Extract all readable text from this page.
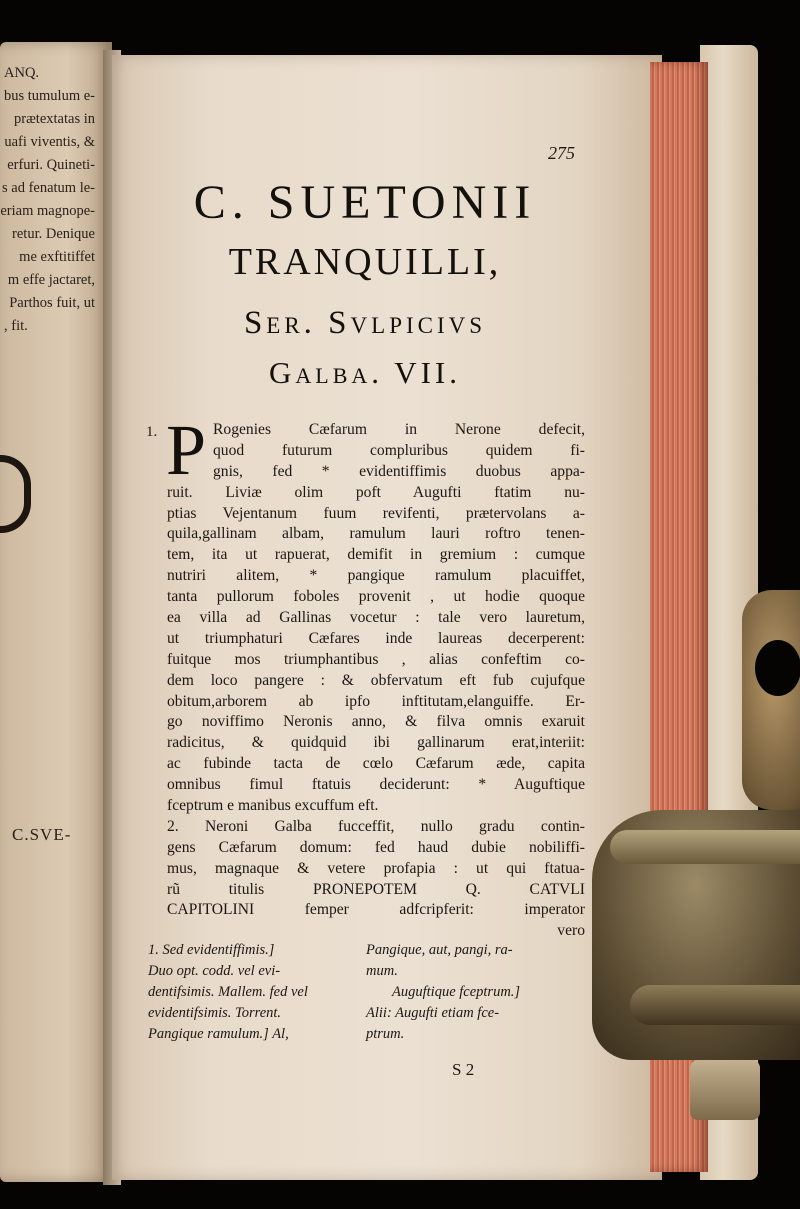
ANQ.
bus tumulum e-
prætextatas in
uafi viventis, &
erfuri. Quineti-
s ad fenatum le-
eriam magnope-
retur. Denique
me exftitiffet
m effe jactaret,
Parthos fuit, ut
, fit.
C.SVE-
275
C. SUETONII
TRANQUILLI,
Ser. Svlpicivs
Galba. VII.
1. P Rogenies Cæfarum in Nerone defecit,
quod futurum compluribus quidem fi-
gnis, fed * evidentiffimis duobus appa-
ruit. Liviæ olim poft Augufti ftatim nu-
ptias Vejentanum fuum revifenti, prætervolans a-
quila,gallinam albam, ramulum lauri roftro tenen-
tem, ita ut rapuerat, demifit in gremium : cumque
nutriri alitem, * pangique ramulum placuiffet,
tanta pullorum foboles provenit , ut hodie quoque
ea villa ad Gallinas vocetur : tale vero lauretum,
ut triumphaturi Cæfares inde laureas decerperent:
fuitque mos triumphantibus , alias confeftim co-
dem loco pangere : & obfervatum eft fub cujufque
obitum,arborem ab ipfo inftitutam,elanguiffe. Er-
go noviffimo Neronis anno, & filva omnis exaruit
radicitus, & quidquid ibi gallinarum erat,interiit:
ac fubinde tacta de cœlo Cæfarum æde, capita
omnibus fimul ftatuis deciderunt: * Auguftique
fceptrum e manibus excuffum eft.
2. Neroni Galba fucceffit, nullo gradu contin-
gens Cæfarum domum: fed haud dubie nobiliffi-
mus, magnaque & vetere profapia : ut qui ftatua-
rũ titulis PRONEPOTEM Q. CATVLI
CAPITOLINI femper adfcripferit: imperator
vero
1. Sed evidentiffimis.]
Duo opt. codd. vel evi-
dentifsimis. Mallem. fed vel
evidentifsimis. Torrent.
Pangique ramulum.] Al,
Pangique, aut, pangi, ra-
mum.
Auguftique fceptrum.]
Alii: Augufti etiam fce-
ptrum.
S 2
